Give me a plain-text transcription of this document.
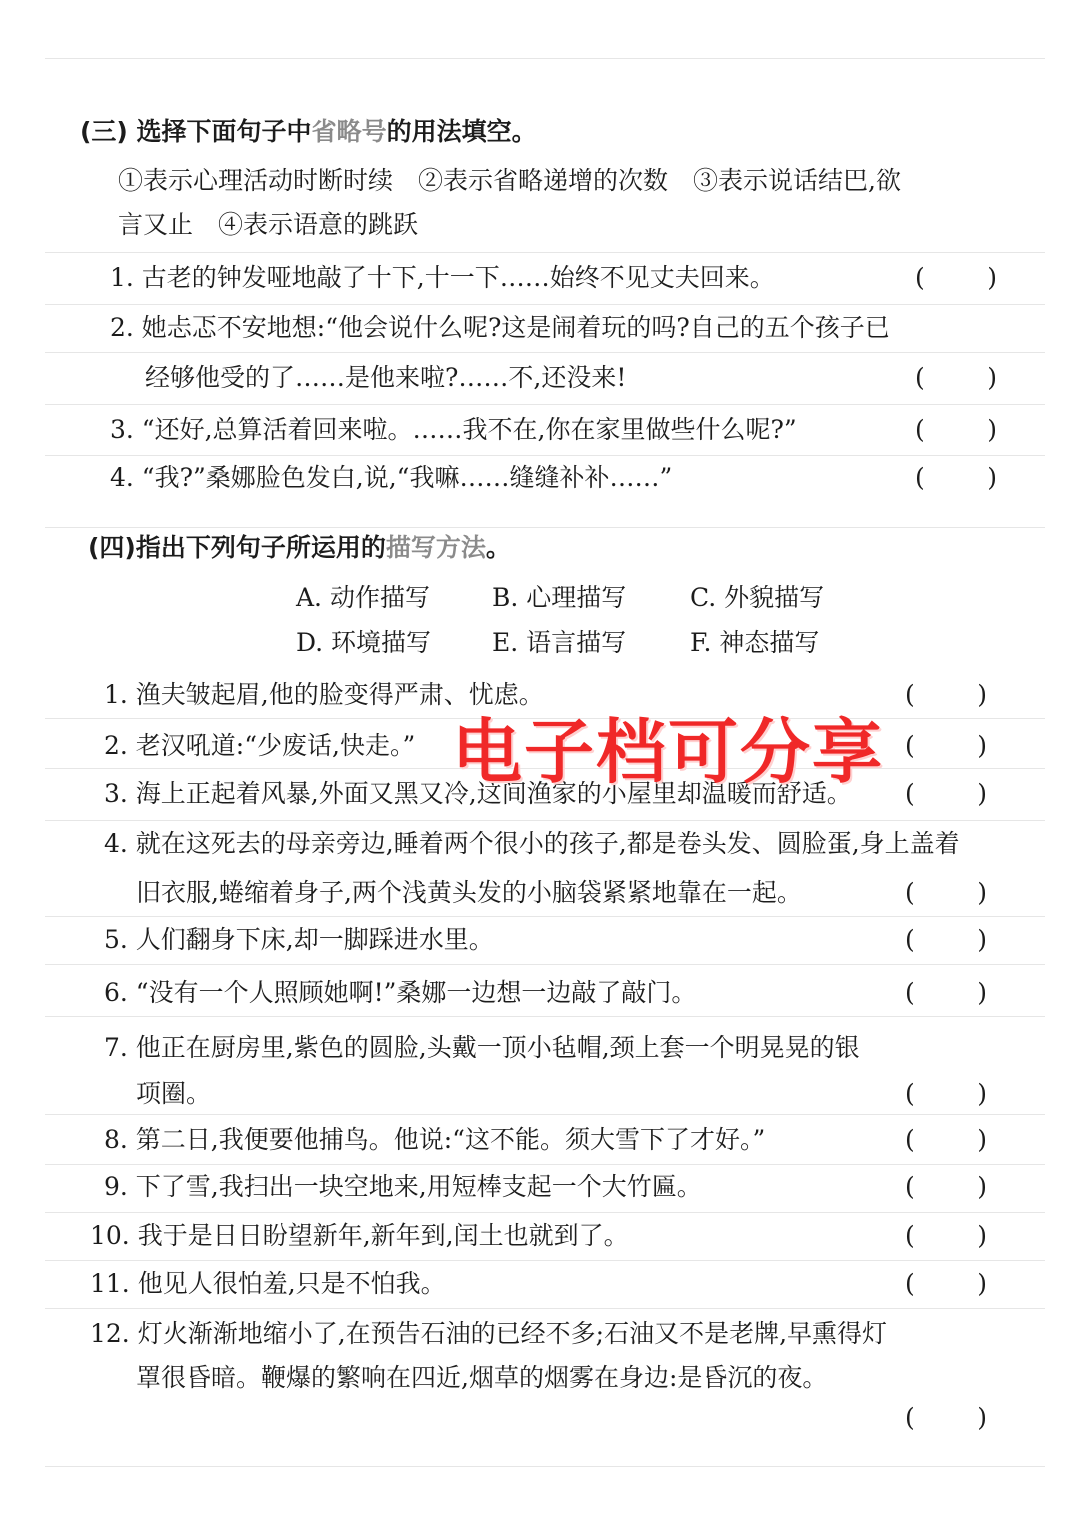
(三) 选择下面句子中省略号的用法填空。
①表示心理活动时断时续　②表示省略递增的次数　③表示说话结巴,欲
言又止　④表示语意的跳跃
1. 古老的钟发哑地敲了十下,十一下……始终不见丈夫回来。	( )
2. 她忐忑不安地想:“他会说什么呢?这是闹着玩的吗?自己的五个孩子已
经够他受的了……是他来啦?……不,还没来!	( )
3. “还好,总算活着回来啦。……我不在,你在家里做些什么呢?”	( )
4. “我?”桑娜脸色发白,说,“我嘛……缝缝补补……”	( )
(四)指出下列句子所运用的描写方法。
A. 动作描写 B. 心理描写	C. 外貌描写
D. 环境描写 E. 语言描写	F. 神态描写
1. 渔夫皱起眉,他的脸变得严肃、忧虑。	( )
2. 老汉吼道:“少废话,快走。”	( )
3. 海上正起着风暴,外面又黑又冷,这间渔家的小屋里却温暖而舒适。 ( )
4. 就在这死去的母亲旁边,睡着两个很小的孩子,都是卷头发、圆脸蛋,身上盖着
旧衣服,蜷缩着身子,两个浅黄头发的小脑袋紧紧地靠在一起。	( )
5. 人们翻身下床,却一脚踩进水里。	( )
6. “没有一个人照顾她啊!”桑娜一边想一边敲了敲门。	( )
7. 他正在厨房里,紫色的圆脸,头戴一顶小毡帽,颈上套一个明晃晃的银
项圈。	( )
8. 第二日,我便要他捕鸟。他说:“这不能。须大雪下了才好。”	( )
9. 下了雪,我扫出一块空地来,用短棒支起一个大竹匾。	( )
10. 我于是日日盼望新年,新年到,闰土也就到了。	( )
11. 他见人很怕羞,只是不怕我。	( )
12. 灯火渐渐地缩小了,在预告石油的已经不多;石油又不是老牌,早熏得灯
罩很昏暗。鞭爆的繁响在四近,烟草的烟雾在身边:是昏沉的夜。
( )
电子档可分享
